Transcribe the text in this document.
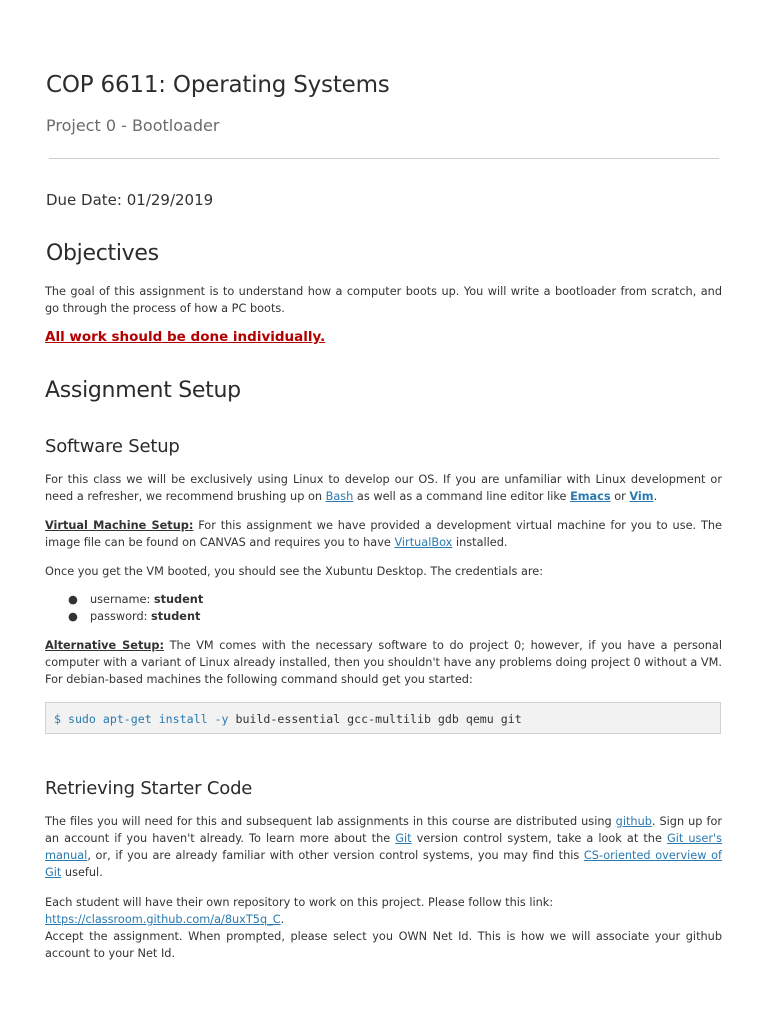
COP 6611: Operating Systems
Project 0 - Bootloader
Due Date: 01/29/2019
Objectives
The goal of this assignment is to understand how a computer boots up. You will write a bootloader from scratch, and go through the process of how a PC boots.
All work should be done individually.
Assignment Setup
Software Setup
For this class we will be exclusively using Linux to develop our OS. If you are unfamiliar with Linux development or need a refresher, we recommend brushing up on Bash as well as a command line editor like Emacs or Vim.
Virtual Machine Setup: For this assignment we have provided a development virtual machine for you to use. The image file can be found on CANVAS and requires you to have VirtualBox installed.
Once you get the VM booted, you should see the Xubuntu Desktop. The credentials are:
● username: student
● password: student
Alternative Setup: The VM comes with the necessary software to do project 0; however, if you have a personal computer with a variant of Linux already installed, then you shouldn't have any problems doing project 0 without a VM. For debian-based machines the following command should get you started:
$ sudo apt-get install -y build-essential gcc-multilib gdb qemu git
Retrieving Starter Code
The files you will need for this and subsequent lab assignments in this course are distributed using github. Sign up for an account if you haven't already. To learn more about the Git version control system, take a look at the Git user's manual, or, if you are already familiar with other version control systems, you may find this CS-oriented overview of Git useful.
Each student will have their own repository to work on this project. Please follow this link:
https://classroom.github.com/a/8uxT5q_C.
Accept the assignment. When prompted, please select you OWN Net Id. This is how we will associate your github account to your Net Id.
